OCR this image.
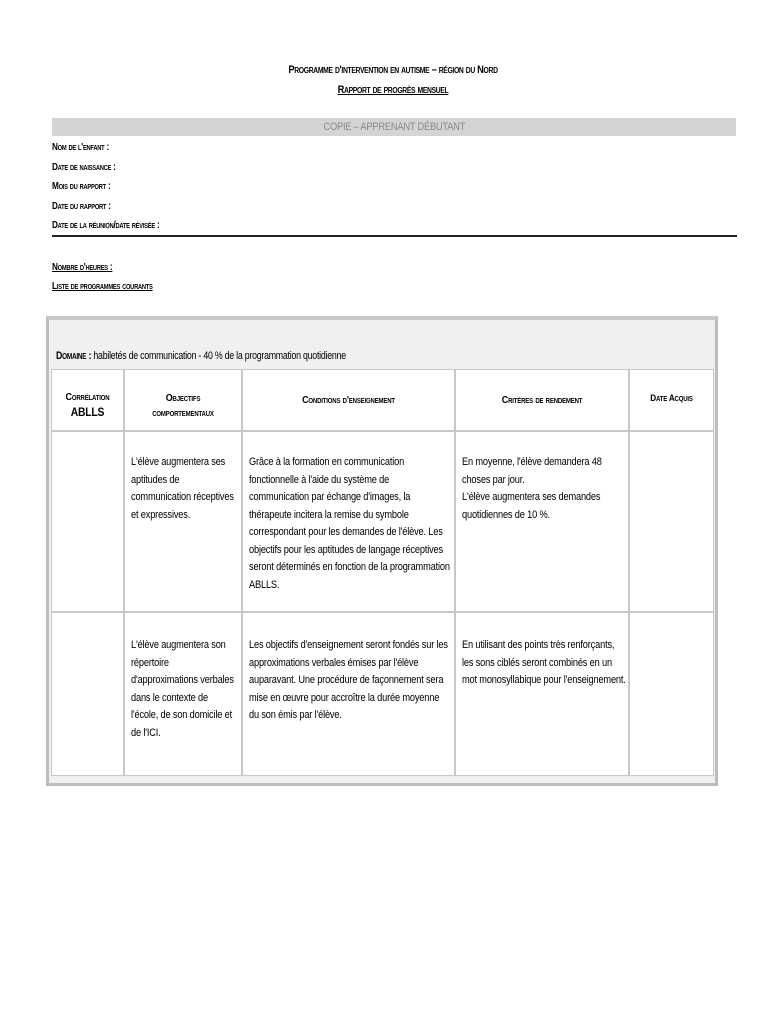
Programme d'intervention en autisme – région du Nord
Rapport de progrès mensuel
COPIE – APPRENANT DÉBUTANT
Nom de l'enfant :
Date de naissance :
Mois du rapport :
Date du rapport :
Date de la réunion/date révisée :
Nombre d'heures :
Liste de programmes courants
Domaine : habiletés de communication - 40 % de la programmation quotidienne
Corrélation
ABLLS
Objectifs
comportementaux
Conditions d'enseignement	Critères de rendement	Date Acquis
L'élève augmentera ses aptitudes de communication réceptives et expressives.
Grâce à la formation en communication fonctionnelle à l'aide du système de communication par échange d'images, la thérapeute incitera la remise du symbole correspondant pour les demandes de l'élève. Les objectifs pour les aptitudes de langage réceptives seront déterminés en fonction de la programmation ABLLS.
En moyenne, l'élève demandera 48 choses par jour.
L'élève augmentera ses demandes quotidiennes de 10 %.
L'élève augmentera son répertoire d'approximations verbales dans le contexte de l'école, de son domicile et de l'ICI.
Les objectifs d'enseignement seront fondés sur les approximations verbales émises par l'élève auparavant. Une procédure de façonnement sera mise en œuvre pour accroître la durée moyenne du son émis par l'élève.
En utilisant des points très renforçants, les sons ciblés seront combinés en un mot monosyllabique pour l'enseignement.
